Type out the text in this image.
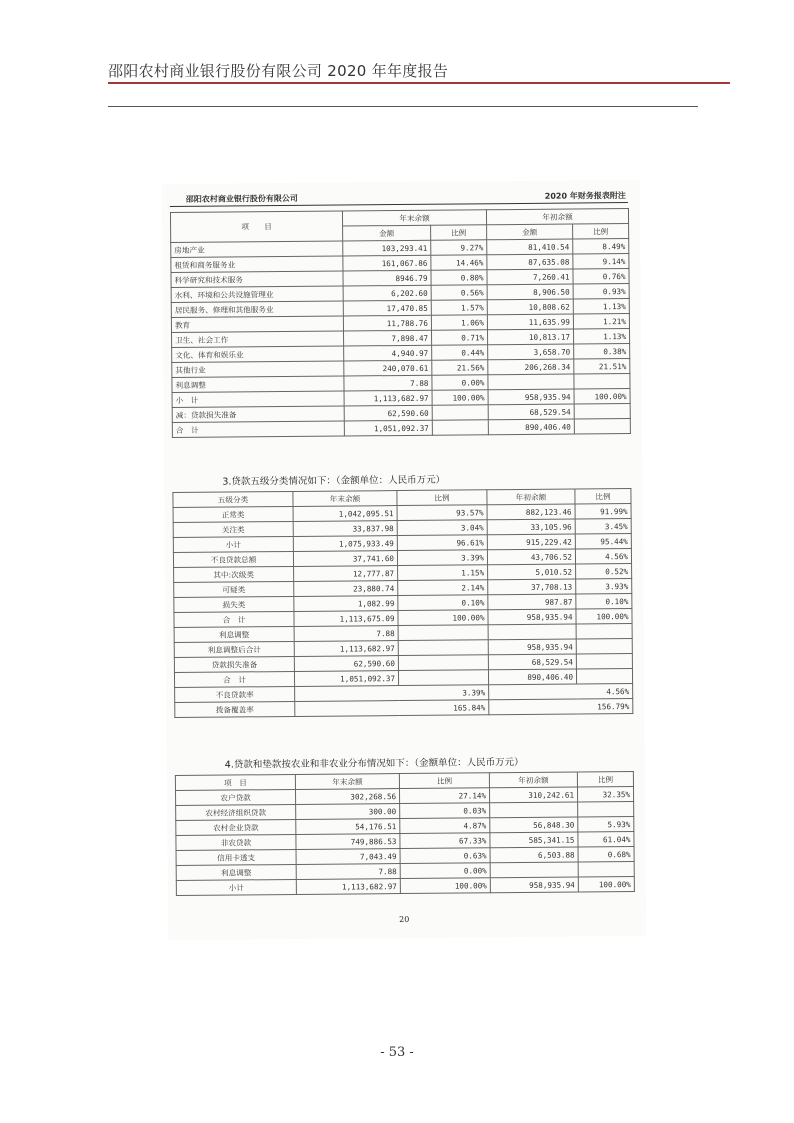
邵阳农村商业银行股份有限公司 2020 年年度报告
邵阳农村商业银行股份有限公司	2020 年财务报表附注
项　　目	年末余额		年初余额	
	金额	比例	金额	比例
房地产业	103,293.41	9.27%	81,410.54	8.49%
租赁和商务服务业	161,067.86	14.46%	87,635.08	9.14%
科学研究和技术服务	8946.79	0.80%	7,260.41	0.76%
水利、环境和公共设施管理业	6,202.60	0.56%	8,906.50	0.93%
居民服务、修理和其他服务业	17,470.85	1.57%	10,808.62	1.13%
教育	11,788.76	1.06%	11,635.99	1.21%
卫生、社会工作	7,898.47	0.71%	10,813.17	1.13%
文化、体育和娱乐业	4,940.97	0.44%	3,658.70	0.38%
其他行业	240,070.61	21.56%	206,268.34	21.51%
利息调整	7.88	0.00%		
小　计	1,113,682.97	100.00%	958,935.94	100.00%
减：贷款损失准备	62,590.60		68,529.54	
合　计	1,051,092.37		890,406.40	
3.贷款五级分类情况如下：（金额单位：人民币万元）
五级分类	年末余额	比例	年初余额	比例
正常类	1,042,095.51	93.57%	882,123.46	91.99%
关注类	33,837.98	3.04%	33,105.96	3.45%
小计	1,075,933.49	96.61%	915,229.42	95.44%
不良贷款总额	37,741.60	3.39%	43,706.52	4.56%
其中:次级类	12,777.87	1.15%	5,010.52	0.52%
可疑类	23,880.74	2.14%	37,708.13	3.93%
损失类	1,082.99	0.10%	987.87	0.10%
合　计	1,113,675.09	100.00%	958,935.94	100.00%
利息调整	7.88			
利息调整后合计	1,113,682.97		958,935.94	
贷款损失准备	62,590.60		68,529.54	
合　计	1,051,092.37		890,406.40	
不良贷款率	3.39%		4.56%	
拨备覆盖率	165.84%		156.79%	
4.贷款和垫款按农业和非农业分布情况如下：（金额单位：人民币万元）
项　目	年末余额	比例	年初余额	比例
农户贷款	302,268.56	27.14%	310,242.61	32.35%
农村经济组织贷款	300.00	0.03%		
农村企业贷款	54,176.51	4.87%	56,848.30	5.93%
非农贷款	749,886.53	67.33%	585,341.15	61.04%
信用卡透支	7,043.49	0.63%	6,503.88	0.68%
利息调整	7.88	0.00%		
小计	1,113,682.97	100.00%	958,935.94	100.00%
20
- 53 -
